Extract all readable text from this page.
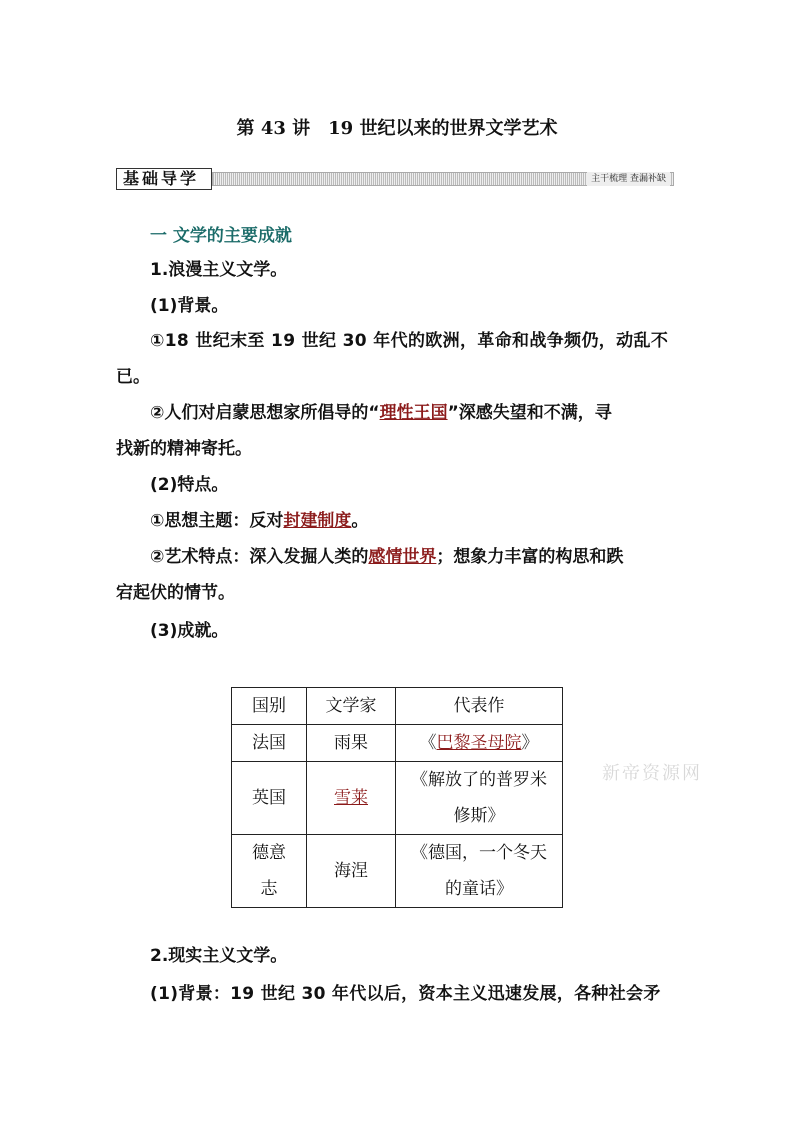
第 43 讲　19 世纪以来的世界文学艺术
基础导学	主干梳理 查漏补缺
一 文学的主要成就
1.浪漫主义文学。
(1)背景。
①18 世纪末至 19 世纪 30 年代的欧洲，革命和战争频仍，动乱不
已。
②人们对启蒙思想家所倡导的“理性王国”深感失望和不满，寻
找新的精神寄托。
(2)特点。
①思想主题：反对封建制度。
②艺术特点：深入发掘人类的感情世界；想象力丰富的构思和跌
宕起伏的情节。
(3)成就。
国别	文学家	代表作
法国	雨果	《巴黎圣母院》
英国	雪莱	《解放了的普罗米修斯》
德意志	海涅	《德国，一个冬天的童话》
新帝资源网
2.现实主义文学。
(1)背景：19 世纪 30 年代以后，资本主义迅速发展，各种社会矛
